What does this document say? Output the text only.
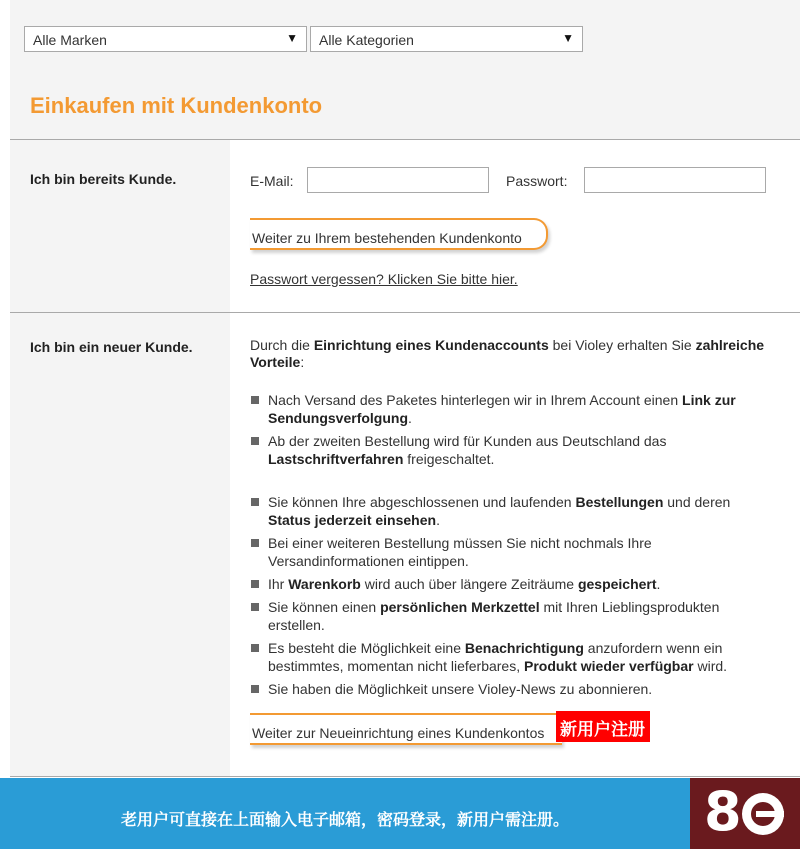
Alle Marken	▼	Alle Kategorien	▼
Einkaufen mit Kundenkonto
Ich bin bereits Kunde.	E-Mail:	Passwort:
Weiter zu Ihrem bestehenden Kundenkonto
Passwort vergessen? Klicken Sie bitte hier.
Ich bin ein neuer Kunde.	Durch die Einrichtung eines Kundenaccounts bei Violey erhalten Sie zahlreiche Vorteile:
Nach Versand des Paketes hinterlegen wir in Ihrem Account einen Link zur Sendungsverfolgung.
Ab der zweiten Bestellung wird für Kunden aus Deutschland das Lastschriftverfahren freigeschaltet.
Sie können Ihre abgeschlossenen und laufenden Bestellungen und deren Status jederzeit einsehen.
Bei einer weiteren Bestellung müssen Sie nicht nochmals Ihre Versandinformationen eintippen.
Ihr Warenkorb wird auch über längere Zeiträume gespeichert.
Sie können einen persönlichen Merkzettel mit Ihren Lieblingsprodukten erstellen.
Es besteht die Möglichkeit eine Benachrichtigung anzufordern wenn ein bestimmtes, momentan nicht lieferbares, Produkt wieder verfügbar wird.
Sie haben die Möglichkeit unsere Violey-News zu abonnieren.
Weiter zur Neueinrichtung eines Kundenkontos 新用户注册
老用户可直接在上面输入电子邮箱，密码登录，新用户需注册。	8
